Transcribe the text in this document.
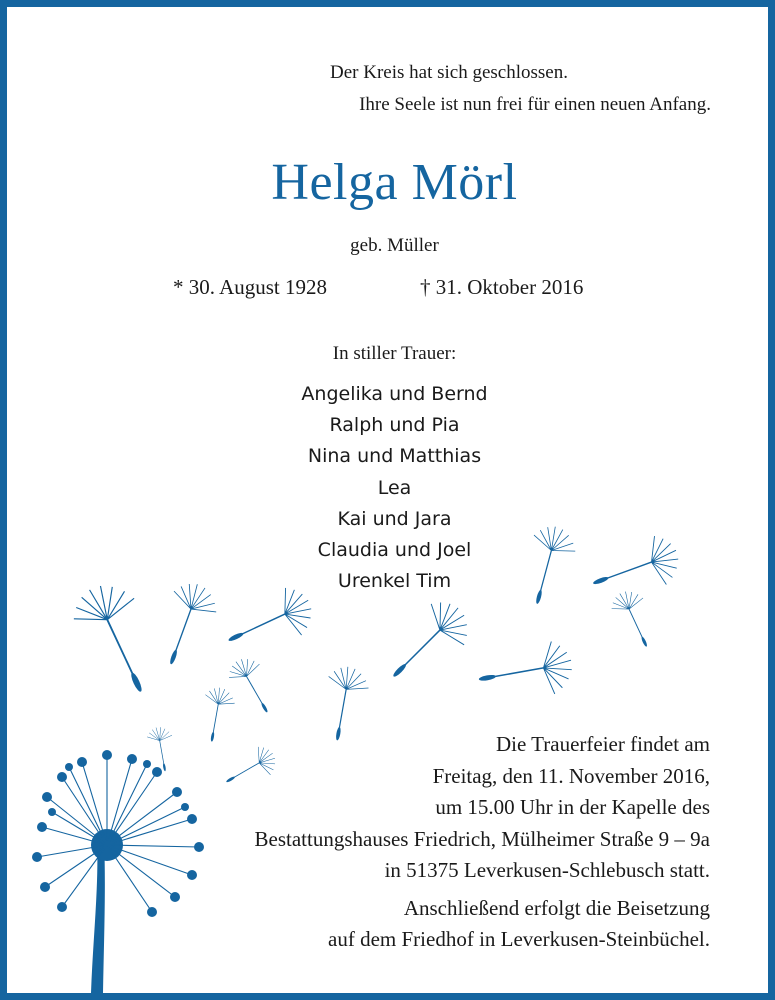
Der Kreis hat sich geschlossen.
Ihre Seele ist nun frei für einen neuen Anfang.
Helga Mörl
geb. Müller
* 30. August 1928	† 31. Oktober 2016
In stiller Trauer:
Angelika und Bernd
Ralph und Pia
Nina und Matthias
Lea
Kai und Jara
Claudia und Joel
Urenkel Tim
Die Trauerfeier findet am
Freitag, den 11. November 2016,
um 15.00 Uhr in der Kapelle des
Bestattungshauses Friedrich, Mülheimer Straße 9 – 9a
in 51375 Leverkusen-Schlebusch statt.
Anschließend erfolgt die Beisetzung
auf dem Friedhof in Leverkusen-Steinbüchel.
